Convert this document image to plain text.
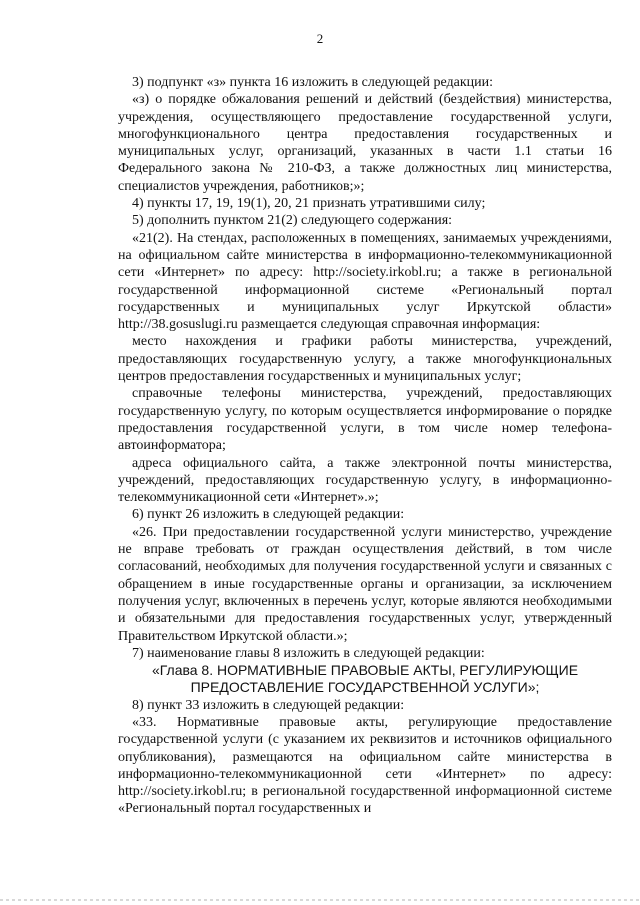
2

3) подпункт «з» пункта 16 изложить в следующей редакции:

«з) о порядке обжалования решений и действий (бездействия) министерства, учреждения, осуществляющего предоставление государственной услуги, многофункционального центра предоставления государственных и муниципальных услуг, организаций, указанных в части 1.1 статьи 16 Федерального закона № 210-ФЗ, а также должностных лиц министерства, специалистов учреждения, работников;»;

4) пункты 17, 19, 19(1), 20, 21 признать утратившими силу;

5) дополнить пунктом 21(2) следующего содержания:

«21(2). На стендах, расположенных в помещениях, занимаемых учреждениями, на официальном сайте министерства в информационно-телекоммуникационной сети «Интернет» по адресу: http://society.irkobl.ru; а также в региональной государственной информационной системе «Региональный портал государственных и муниципальных услуг Иркутской области» http://38.gosuslugi.ru размещается следующая справочная информация:

место нахождения и графики работы министерства, учреждений, предоставляющих государственную услугу, а также многофункциональных центров предоставления государственных и муниципальных услуг;

справочные телефоны министерства, учреждений, предоставляющих государственную услугу, по которым осуществляется информирование о порядке предоставления государственной услуги, в том числе номер телефона-автоинформатора;

адреса официального сайта, а также электронной почты министерства, учреждений, предоставляющих государственную услугу, в информационно-телекоммуникационной сети «Интернет».»;

6) пункт 26 изложить в следующей редакции:

«26. При предоставлении государственной услуги министерство, учреждение не вправе требовать от граждан осуществления действий, в том числе согласований, необходимых для получения государственной услуги и связанных с обращением в иные государственные органы и организации, за исключением получения услуг, включенных в перечень услуг, которые являются необходимыми и обязательными для предоставления государственных услуг, утвержденный Правительством Иркутской области.»;

7) наименование главы 8 изложить в следующей редакции:

«Глава 8. НОРМАТИВНЫЕ ПРАВОВЫЕ АКТЫ, РЕГУЛИРУЮЩИЕ

ПРЕДОСТАВЛЕНИЕ ГОСУДАРСТВЕННОЙ УСЛУГИ»;

8) пункт 33 изложить в следующей редакции:

«33. Нормативные правовые акты, регулирующие предоставление государственной услуги (с указанием их реквизитов и источников официального опубликования), размещаются на официальном сайте министерства в информационно-телекоммуникационной сети «Интернет» по адресу: http://society.irkobl.ru; в региональной государственной информационной системе «Региональный портал государственных и
